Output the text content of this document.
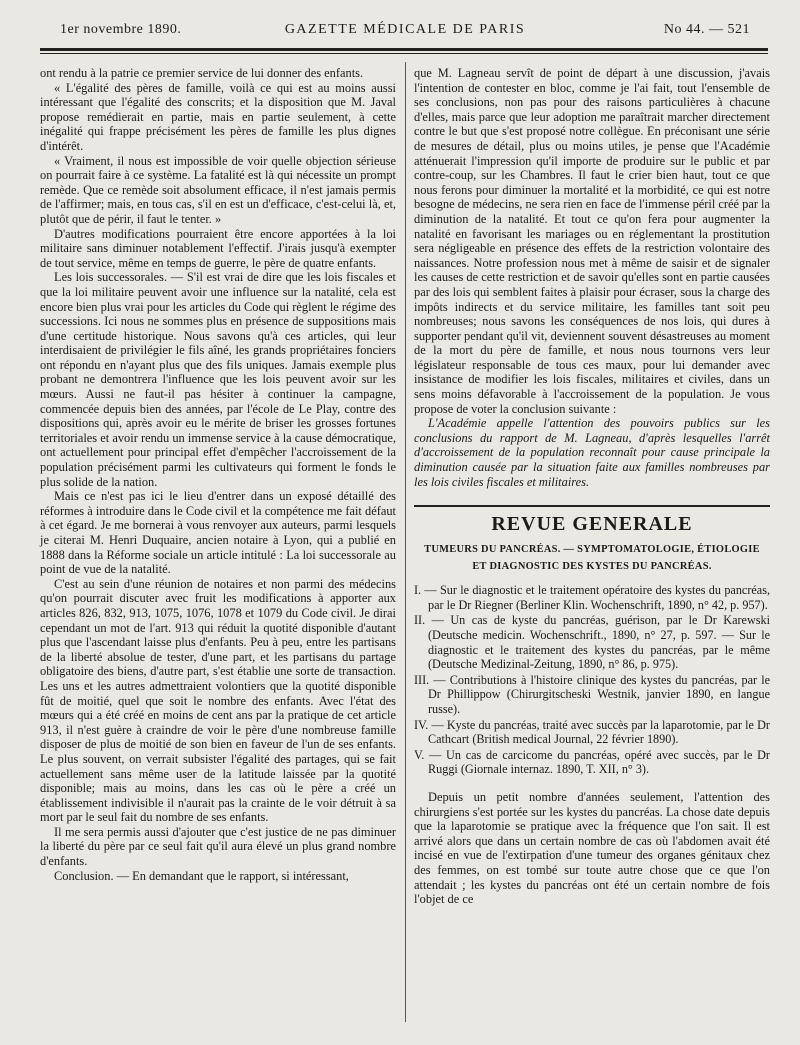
1er novembre 1890.	GAZETTE MÉDICALE DE PARIS	No 44. — 521

ont rendu à la patrie ce premier service de lui donner des enfants.

« L'égalité des pères de famille, voilà ce qui est au moins aussi intéressant que l'égalité des conscrits; et la disposition que M. Javal propose remédierait en partie, mais en partie seulement, à cette inégalité qui frappe précisément les pères de famille les plus dignes d'intérêt.

« Vraiment, il nous est impossible de voir quelle objection sérieuse on pourrait faire à ce système. La fatalité est là qui nécessite un prompt remède. Que ce remède soit absolument efficace, il n'est jamais permis de l'affirmer; mais, en tous cas, s'il en est un d'efficace, c'est-celui là, et, plutôt que de périr, il faut le tenter. »

D'autres modifications pourraient être encore apportées à la loi militaire sans diminuer notablement l'effectif. J'irais jusqu'à exempter de tout service, même en temps de guerre, le père de quatre enfants.

Les lois successorales. — S'il est vrai de dire que les lois fiscales et que la loi militaire peuvent avoir une influence sur la natalité, cela est encore bien plus vrai pour les articles du Code qui règlent le régime des successions. Ici nous ne sommes plus en présence de suppositions mais d'une certitude historique. Nous savons qu'à ces articles, qui leur interdisaient de privilégier le fils aîné, les grands propriétaires fonciers ont répondu en n'ayant plus que des fils uniques. Jamais exemple plus probant ne demontrera l'influence que les lois peuvent avoir sur les mœurs. Aussi ne faut-il pas hésiter à continuer la campagne, commencée depuis bien des années, par l'école de Le Play, contre des dispositions qui, après avoir eu le mérite de briser les grosses fortunes territoriales et avoir rendu un immense service à la cause démocratique, ont actuellement pour principal effet d'empêcher l'accroissement de la population précisément parmi les cultivateurs qui forment le fonds le plus solide de la nation.

Mais ce n'est pas ici le lieu d'entrer dans un exposé détaillé des réformes à introduire dans le Code civil et la compétence me fait défaut à cet égard. Je me bornerai à vous renvoyer aux auteurs, parmi lesquels je citerai M. Henri Duquaire, ancien notaire à Lyon, qui a publié en 1888 dans la Réforme sociale un article intitulé : La loi successorale au point de vue de la natalité.

C'est au sein d'une réunion de notaires et non parmi des médecins qu'on pourrait discuter avec fruit les modifications à apporter aux articles 826, 832, 913, 1075, 1076, 1078 et 1079 du Code civil. Je dirai cependant un mot de l'art. 913 qui réduit la quotité disponible d'autant plus que l'ascendant laisse plus d'enfants. Peu à peu, entre les partisans de la liberté absolue de tester, d'une part, et les partisans du partage obligatoire des biens, d'autre part, s'est établie une sorte de transaction. Les uns et les autres admettraient volontiers que la quotité disponible fût de moitié, quel que soit le nombre des enfants. Avec l'état des mœurs qui a été créé en moins de cent ans par la pratique de cet article 913, il n'est guère à craindre de voir le père d'une nombreuse famille disposer de plus de moitié de son bien en faveur de l'un de ses enfants. Le plus souvent, on verrait subsister l'égalité des partages, qui se fait actuellement sans même user de la latitude laissée par la quotité disponible; mais au moins, dans les cas où le père a créé un établissement indivisible il n'aurait pas la crainte de le voir détruit à sa mort par le seul fait du nombre de ses enfants.

Il me sera permis aussi d'ajouter que c'est justice de ne pas diminuer la liberté du père par ce seul fait qu'il aura élevé un plus grand nombre d'enfants.

Conclusion. — En demandant que le rapport, si intéressant,

que M. Lagneau servît de point de départ à une discussion, j'avais l'intention de contester en bloc, comme je l'ai fait, tout l'ensemble de ses conclusions, non pas pour des raisons particulières à chacune d'elles, mais parce que leur adoption me paraîtrait marcher directement contre le but que s'est proposé notre collègue. En préconisant une série de mesures de détail, plus ou moins utiles, je pense que l'Académie atténuerait l'impression qu'il importe de produire sur le public et par contre-coup, sur les Chambres. Il faut le crier bien haut, tout ce que nous ferons pour diminuer la mortalité et la morbidité, ce qui est notre besogne de médecins, ne sera rien en face de l'immense péril créé par la diminution de la natalité. Et tout ce qu'on fera pour augmenter la natalité en favorisant les mariages ou en réglementant la prostitution sera négligeable en présence des effets de la restriction volontaire des naissances. Notre profession nous met à même de saisir et de signaler les causes de cette restriction et de savoir qu'elles sont en partie causées par des lois qui semblent faites à plaisir pour écraser, sous la charge des impôts indirects et du service militaire, les familles tant soit peu nombreuses; nous savons les conséquences de nos lois, qui dures à supporter pendant qu'il vit, deviennent souvent désastreuses au moment de la mort du père de famille, et nous nous tournons vers leur législateur responsable de tous ces maux, pour lui demander avec insistance de modifier les lois fiscales, militaires et civiles, dans un sens moins défavorable à l'accroissement de la population. Je vous propose de voter la conclusion suivante :

L'Académie appelle l'attention des pouvoirs publics sur les conclusions du rapport de M. Lagneau, d'après lesquelles l'arrêt d'accroissement de la population reconnaît pour cause principale la diminution causée par la situation faite aux familles nombreuses par les lois civiles fiscales et militaires.

REVUE GENERALE
TUMEURS DU PANCRÉAS. — SYMPTOMATOLOGIE, ÉTIOLOGIE
ET DIAGNOSTIC DES KYSTES DU PANCRÉAS.

I. — Sur le diagnostic et le traitement opératoire des kystes du pancréas, par le Dr Riegner (Berliner Klin. Wochenschrift, 1890, n° 42, p. 957).

II. — Un cas de kyste du pancréas, guérison, par le Dr Karewski (Deutsche medicin. Wochenschrift., 1890, n° 27, p. 597. — Sur le diagnostic et le traitement des kystes du pancréas, par le même (Deutsche Medizinal-Zeitung, 1890, n° 86, p. 975).

III. — Contributions à l'histoire clinique des kystes du pancréas, par le Dr Phillippow (Chirurgitscheski Westnik, janvier 1890, en langue russe).

IV. — Kyste du pancréas, traité avec succès par la laparotomie, par le Dr Cathcart (British medical Journal, 22 février 1890).

V. — Un cas de carcicome du pancréas, opéré avec succès, par le Dr Ruggi (Giornale internaz. 1890, T. XII, n° 3).

Depuis un petit nombre d'années seulement, l'attention des chirurgiens s'est portée sur les kystes du pancréas. La chose date depuis que la laparotomie se pratique avec la fréquence que l'on sait. Il est arrivé alors que dans un certain nombre de cas où l'abdomen avait été incisé en vue de l'extirpation d'une tumeur des organes génitaux chez des femmes, on est tombé sur toute autre chose que ce que l'on attendait ; les kystes du pancréas ont été un certain nombre de fois l'objet de ce
